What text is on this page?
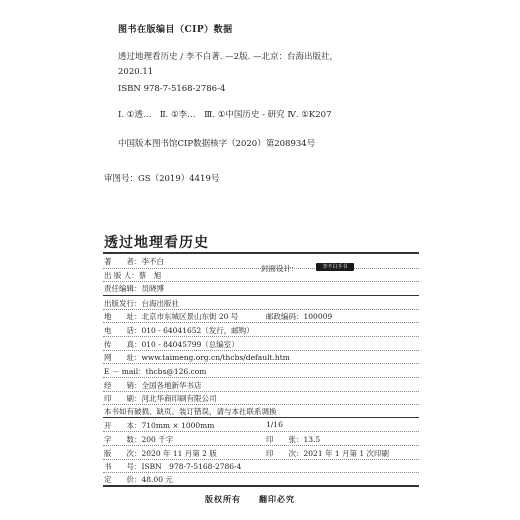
图书在版编目（CIP）数据
透过地理看历史 / 李不白著. —2版. —北京：台海出版社，
2020.11
ISBN 978-7-5168-2786-4
Ⅰ. ①透…　Ⅱ. ①李…　Ⅲ. ①中国历史 - 研究 Ⅳ. ①K207
中国版本图书馆CIP数据核字（2020）第208934号
审图号：GS（2019）4419号
透过地理看历史
著　　者：李不白
出 版 人：蔡　旭
封面设计：	李不白手书
责任编辑：员晓博
出版发行：台海出版社
地　　址：北京市东城区景山东街 20 号	邮政编码：100009
电　　话：010 - 64041652（发行，邮购）
传　　真：010 - 84045799（总编室）
网　　址：www.taimeng.org.cn/thcbs/default.htm
E － mail：thcbs@126.com
经　　销：全国各地新华书店
印　　刷：河北华商印刷有限公司
本书如有破损、缺页、装订错误，请与本社联系调换
开　　本：710mm × 1000mm	1/16
字　　数：200 千字	印　　张：13.5
版　　次：2020 年 11 月第 2 版	印　　次：2021 年 1 月第 1 次印刷
书　　号：ISBN　978-7-5168-2786-4
定　　价：48.00 元
版权所有　　翻印必究
